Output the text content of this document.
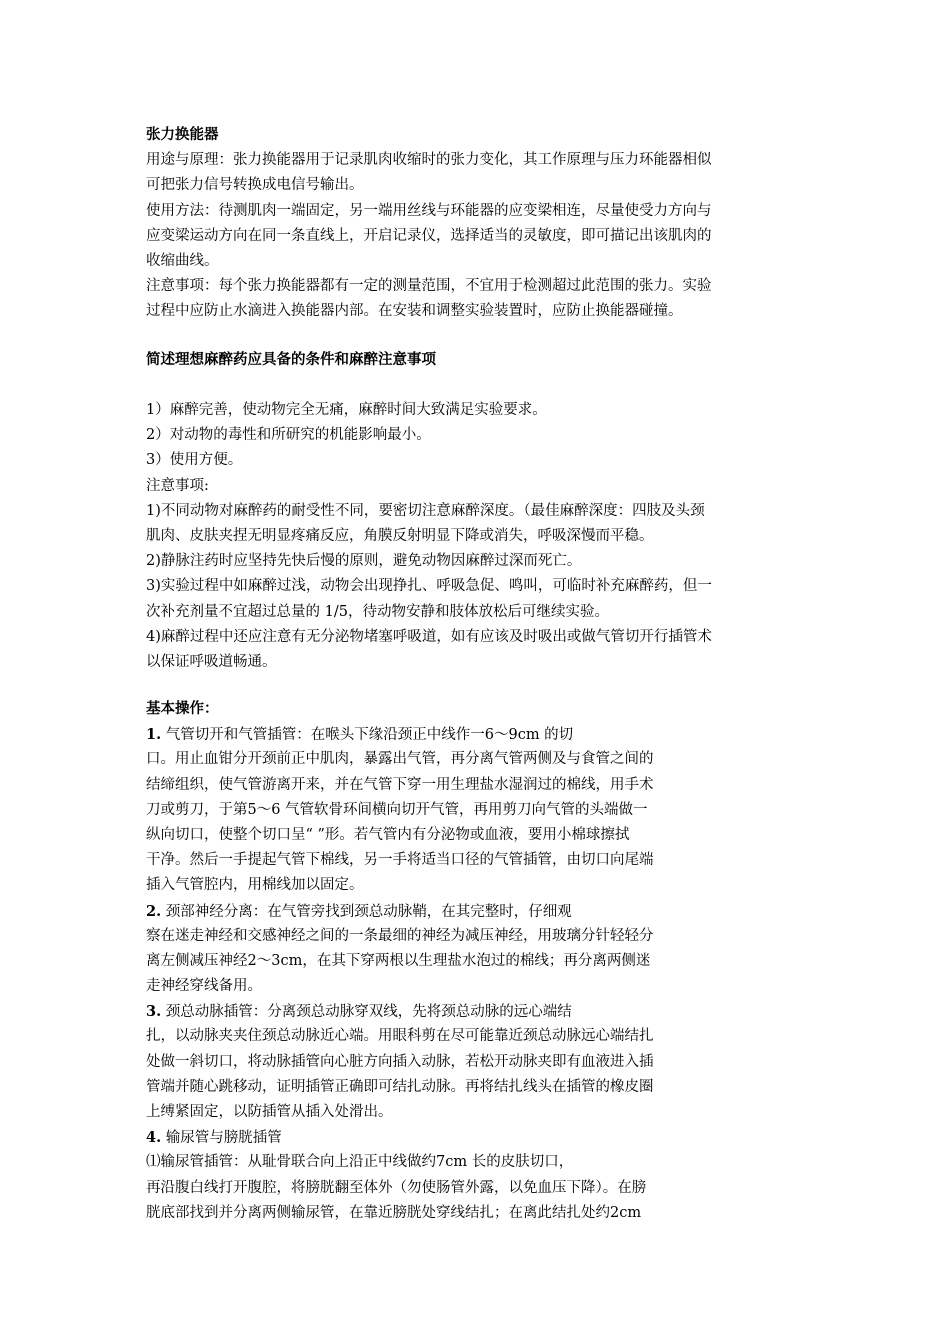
张力换能器
用途与原理：张力换能器用于记录肌肉收缩时的张力变化，其工作原理与压力环能器相似
可把张力信号转换成电信号输出。
使用方法：待测肌肉一端固定，另一端用丝线与环能器的应变梁相连，尽量使受力方向与
应变梁运动方向在同一条直线上，开启记录仪，选择适当的灵敏度，即可描记出该肌肉的
收缩曲线。
注意事项：每个张力换能器都有一定的测量范围，不宜用于检测超过此范围的张力。实验
过程中应防止水滴进入换能器内部。在安装和调整实验装置时，应防止换能器碰撞。
简述理想麻醉药应具备的条件和麻醉注意事项
1）麻醉完善，使动物完全无痛，麻醉时间大致满足实验要求。
2）对动物的毒性和所研究的机能影响最小。
3）使用方便。
注意事项:
1)不同动物对麻醉药的耐受性不同，要密切注意麻醉深度。（最佳麻醉深度：四肢及头颈
肌肉、皮肤夹捏无明显疼痛反应，角膜反射明显下降或消失，呼吸深慢而平稳。
2)静脉注药时应坚持先快后慢的原则，避免动物因麻醉过深而死亡。
3)实验过程中如麻醉过浅，动物会出现挣扎、呼吸急促、鸣叫，可临时补充麻醉药，但一
次补充剂量不宜超过总量的 1/5，待动物安静和肢体放松后可继续实验。
4)麻醉过程中还应注意有无分泌物堵塞呼吸道，如有应该及时吸出或做气管切开行插管术
以保证呼吸道畅通。
基本操作：
1. 气管切开和气管插管：在喉头下缘沿颈正中线作一6～9cm 的切
口。用止血钳分开颈前正中肌肉，暴露出气管，再分离气管两侧及与食管之间的
结缔组织，使气管游离开来，并在气管下穿一用生理盐水湿润过的棉线，用手术
刀或剪刀，于第5～6 气管软骨环间横向切开气管，再用剪刀向气管的头端做一
纵向切口，使整个切口呈“ ”形。若气管内有分泌物或血液，要用小棉球擦拭
干净。然后一手提起气管下棉线，另一手将适当口径的气管插管，由切口向尾端
插入气管腔内，用棉线加以固定。
2. 颈部神经分离：在气管旁找到颈总动脉鞘，在其完整时，仔细观
察在迷走神经和交感神经之间的一条最细的神经为减压神经，用玻璃分针轻轻分
离左侧减压神经2～3cm，在其下穿两根以生理盐水泡过的棉线；再分离两侧迷
走神经穿线备用。
3. 颈总动脉插管：分离颈总动脉穿双线，先将颈总动脉的远心端结
扎，以动脉夹夹住颈总动脉近心端。用眼科剪在尽可能靠近颈总动脉远心端结扎
处做一斜切口，将动脉插管向心脏方向插入动脉，若松开动脉夹即有血液进入插
管端并随心跳移动，证明插管正确即可结扎动脉。再将结扎线头在插管的橡皮圈
上缚紧固定，以防插管从插入处滑出。
4. 输尿管与膀胱插管
⑴输尿管插管：从耻骨联合向上沿正中线做约7cm 长的皮肤切口，
再沿腹白线打开腹腔，将膀胱翻至体外（勿使肠管外露，以免血压下降）。在膀
胱底部找到并分离两侧输尿管，在靠近膀胱处穿线结扎；在离此结扎处约2cm
